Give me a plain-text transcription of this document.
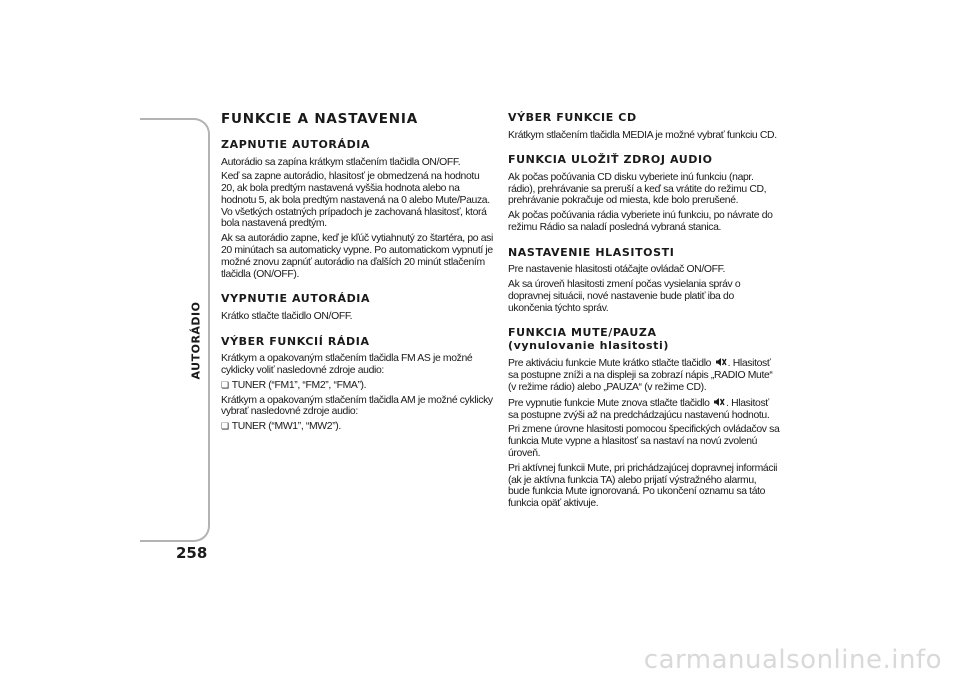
AUTORÁDIO
258
FUNKCIE A NASTAVENIA
ZAPNUTIE AUTORÁDIA

Autorádio sa zapína krátkym stlačením tlačidla ON/OFF.

Keď sa zapne autorádio, hlasitosť je obmedzená na hodnotu 20, ak bola predtým nastavená vyššia hodnota alebo na hodnotu 5, ak bola predtým nastavená na 0 alebo Mute/Pauza. Vo všetkých ostatných prípadoch je zachovaná hlasitosť, ktorá bola nastavená predtým.

Ak sa autorádio zapne, keď je kľúč vytiahnutý zo štartéra, po asi 20 minútach sa automaticky vypne. Po automatickom vypnutí je možné znovu zapnúť autorádio na ďalších 20 minút stlačením tlačidla (ON/OFF).

VYPNUTIE AUTORÁDIA

Krátko stlačte tlačidlo ON/OFF.

VÝBER FUNKCIÍ RÁDIA

Krátkym a opakovaným stlačením tlačidla FM AS je možné cyklicky voliť nasledovné zdroje audio:

❏ TUNER (“FM1”, “FM2”, “FMA”).

Krátkym a opakovaným stlačením tlačidla AM je možné cyklicky vybrať nasledovné zdroje audio:

❏ TUNER (“MW1”, “MW2”).

VÝBER FUNKCIE CD

Krátkym stlačením tlačidla MEDIA je možné vybrať funkciu CD.

FUNKCIA ULOŽIŤ ZDROJ AUDIO

Ak počas počúvania CD disku vyberiete inú funkciu (napr. rádio), prehrávanie sa preruší a keď sa vrátite do režimu CD, prehrávanie pokračuje od miesta, kde bolo prerušené.

Ak počas počúvania rádia vyberiete inú funkciu, po návrate do režimu Rádio sa naladí posledná vybraná stanica.

NASTAVENIE HLASITOSTI

Pre nastavenie hlasitosti otáčajte ovládač ON/OFF.

Ak sa úroveň hlasitosti zmení počas vysielania správ o dopravnej situácii, nové nastavenie bude platiť iba do ukončenia týchto správ.

FUNKCIA MUTE/PAUZA
(vynulovanie hlasitosti)

Pre aktiváciu funkcie Mute krátko stlačte tlačidlo . Hlasitosť sa postupne zníži a na displeji sa zobrazí nápis „RADIO Mute“ (v režime rádio) alebo „PAUZA“ (v režime CD).

Pre vypnutie funkcie Mute znova stlačte tlačidlo . Hlasitosť sa postupne zvýši až na predchádzajúcu nastavenú hodnotu.

Pri zmene úrovne hlasitosti pomocou špecifických ovládačov sa funkcia Mute vypne a hlasitosť sa nastaví na novú zvolenú úroveň.

Pri aktívnej funkcii Mute, pri prichádzajúcej dopravnej informácii (ak je aktívna funkcia TA) alebo prijatí výstražného alarmu, bude funkcia Mute ignorovaná. Po ukončení oznamu sa táto funkcia opäť aktivuje.

carmanualsonline.info
